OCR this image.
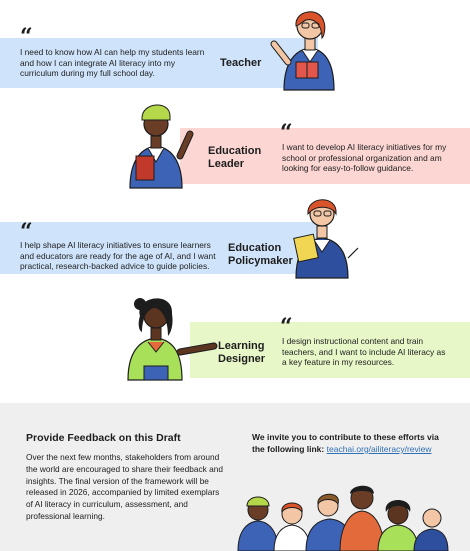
“
I need to know how AI can help my students learn and how I can integrate AI literacy into my curriculum during my full school day.
Teacher
“
Education
Leader
I want to develop AI literacy initiatives for my school or professional organization and am looking for easy-to-follow guidance.
“
I help shape AI literacy initiatives to ensure learners and educators are ready for the age of AI, and I want practical, research-backed advice to guide policies.
Education
Policymaker
“
Learning
Designer
I design instructional content and train teachers, and I want to include AI literacy as a key feature in my resources.
Provide Feedback on this Draft
Over the next few months, stakeholders from around the world are encouraged to share their feedback and insights. The final version of the framework will be released in 2026, accompanied by limited exemplars of AI literacy in curriculum, assessment, and professional learning.
We invite you to contribute to these efforts via the following link: teachai.org/ailiteracy/review
